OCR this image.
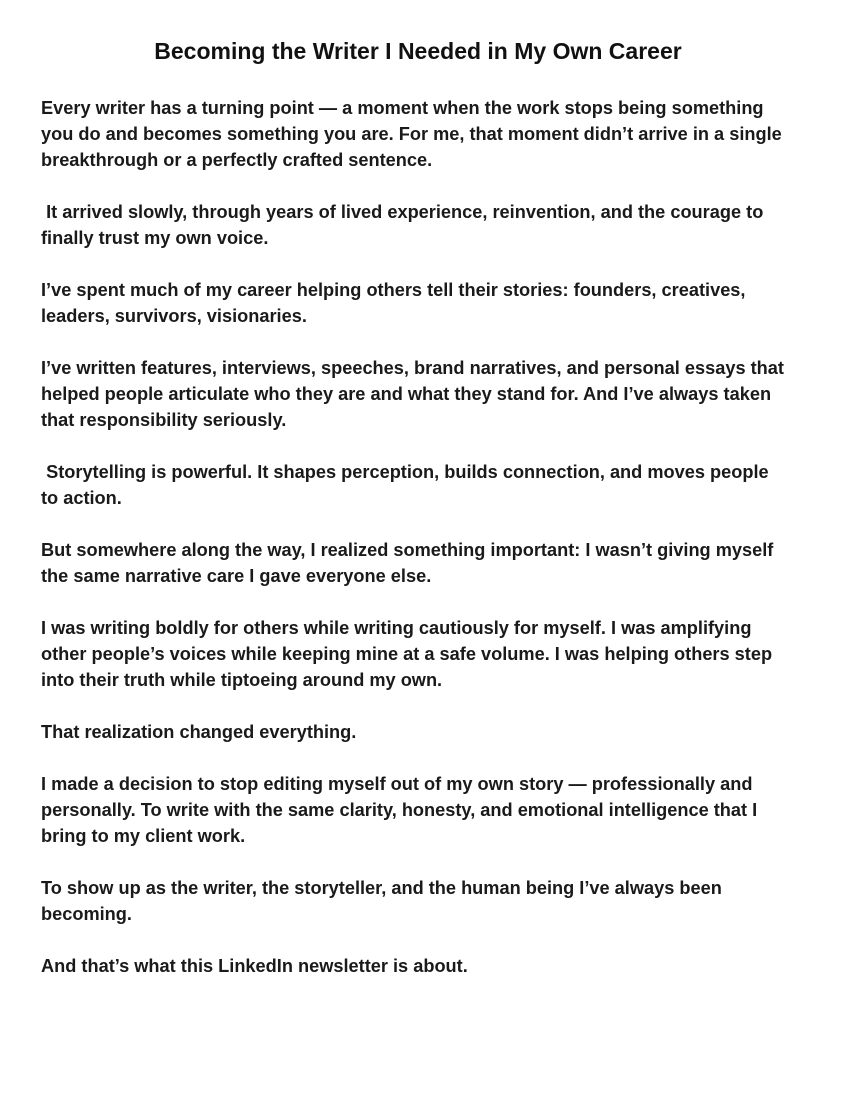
Becoming the Writer I Needed in My Own Career

Every writer has a turning point — a moment when the work stops being something
you do and becomes something you are. For me, that moment didn’t arrive in a single
breakthrough or a perfectly crafted sentence.

It arrived slowly, through years of lived experience, reinvention, and the courage to
finally trust my own voice.

I’ve spent much of my career helping others tell their stories: founders, creatives,
leaders, survivors, visionaries.

I’ve written features, interviews, speeches, brand narratives, and personal essays that
helped people articulate who they are and what they stand for. And I’ve always taken
that responsibility seriously.

Storytelling is powerful. It shapes perception, builds connection, and moves people
to action.

But somewhere along the way, I realized something important: I wasn’t giving myself
the same narrative care I gave everyone else.

I was writing boldly for others while writing cautiously for myself. I was amplifying
other people’s voices while keeping mine at a safe volume. I was helping others step
into their truth while tiptoeing around my own.

That realization changed everything.

I made a decision to stop editing myself out of my own story — professionally and
personally. To write with the same clarity, honesty, and emotional intelligence that I
bring to my client work.

To show up as the writer, the storyteller, and the human being I’ve always been
becoming.

And that’s what this LinkedIn newsletter is about.
